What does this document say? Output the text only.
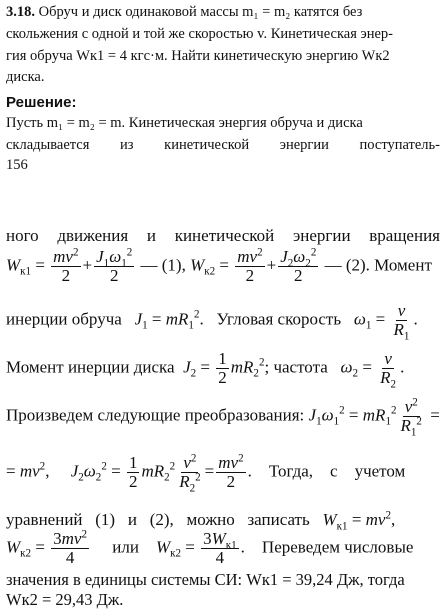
3.18. Обруч и диск одинаковой массы m₁ = m₂ катятся без
скольжения с одной и той же скоростью v. Кинетическая энер-
гия обруча Wк1 = 4 кгс·м. Найти кинетическую энергию Wк2
диска.
Решение:
Пусть m₁ = m₂ = m. Кинетическая энергия обруча и диска
складывается из кинетической энергии поступатель-
156
ного движения и кинетической энергии вращения
$W_{к1} = \frac{mv^2}{2} + \frac{J_1\omega_1^2}{2}$ — (1), $W_{к2} = \frac{mv^2}{2} + \frac{J_2\omega_2^2}{2}$ — (2). Момент
инерции обруча $J_1 = mR_1^2$.   Угловая скорость $\omega_1 = \frac{v}{R_1}$ .
Момент инерции диска $J_2 = \frac{1}{2} mR_2^2$; частота $\omega_2 = \frac{v}{R_2}$ .
Произведем следующие преобразования: $J_1\omega_1^2 = mR_1^2 \frac{v^2}{R_1^2}$ =
= $mv^2$,     $J_2\omega_2^2 = \frac{1}{2} mR_2^2 \frac{v^2}{R_2^2} = \frac{mv^2}{2}$ .    Тогда, с учетом
уравнений (1) и (2), можно записать $W_{к1} = mv^2$,
$W_{к2} = \frac{3mv^2}{4}$ или $W_{к2} = 3W_{к1}$
4
.    Переведем числовые
значения в единицы системы СИ: Wк1 = 39,24 Дж, тогда
Wк2 = 29,43 Дж.
